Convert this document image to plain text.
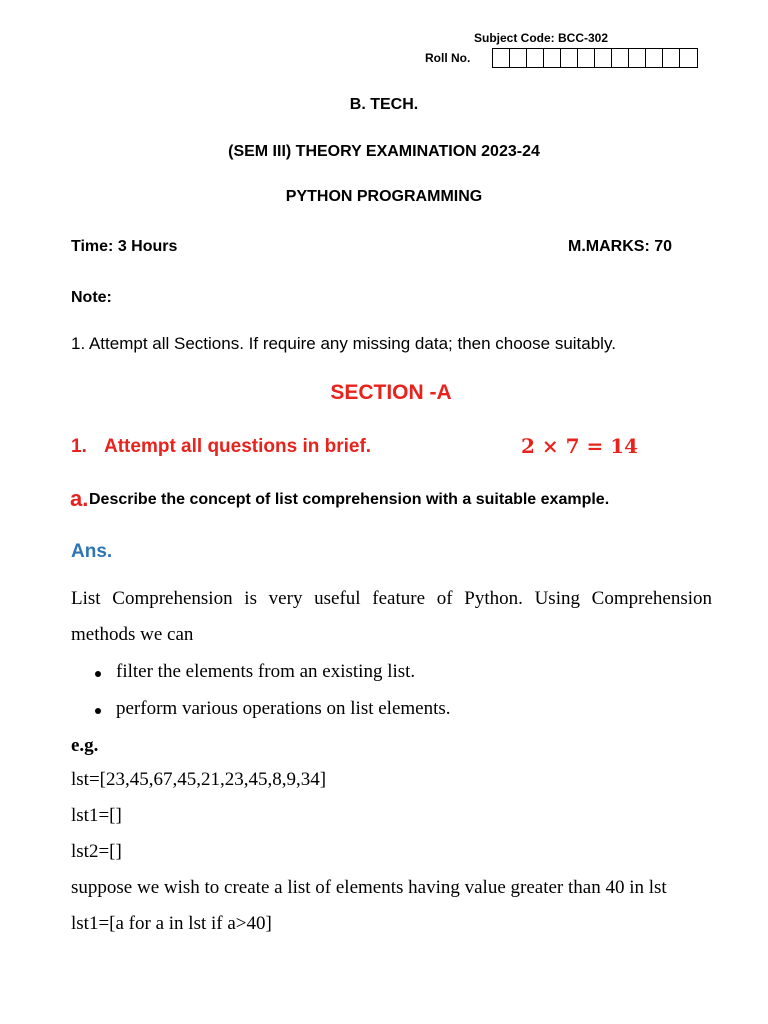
Subject Code: BCC-302
Roll No.
B. TECH.
(SEM III) THEORY EXAMINATION 2023-24
PYTHON PROGRAMMING
Time: 3 Hours	M.MARKS: 70
Note:
1. Attempt all Sections. If require any missing data; then choose suitably.
SECTION -A
1. Attempt all questions in brief.	2 × 7 = 14
a. Describe the concept of list comprehension with a suitable example.
Ans.
List Comprehension is very useful feature of Python. Using Comprehension
methods we can
filter the elements from an existing list.
perform various operations on list elements.
e.g.
lst=[23,45,67,45,21,23,45,8,9,34]
lst1=[]
lst2=[]
suppose we wish to create a list of elements having value greater than 40 in lst
lst1=[a for a in lst if a>40]
